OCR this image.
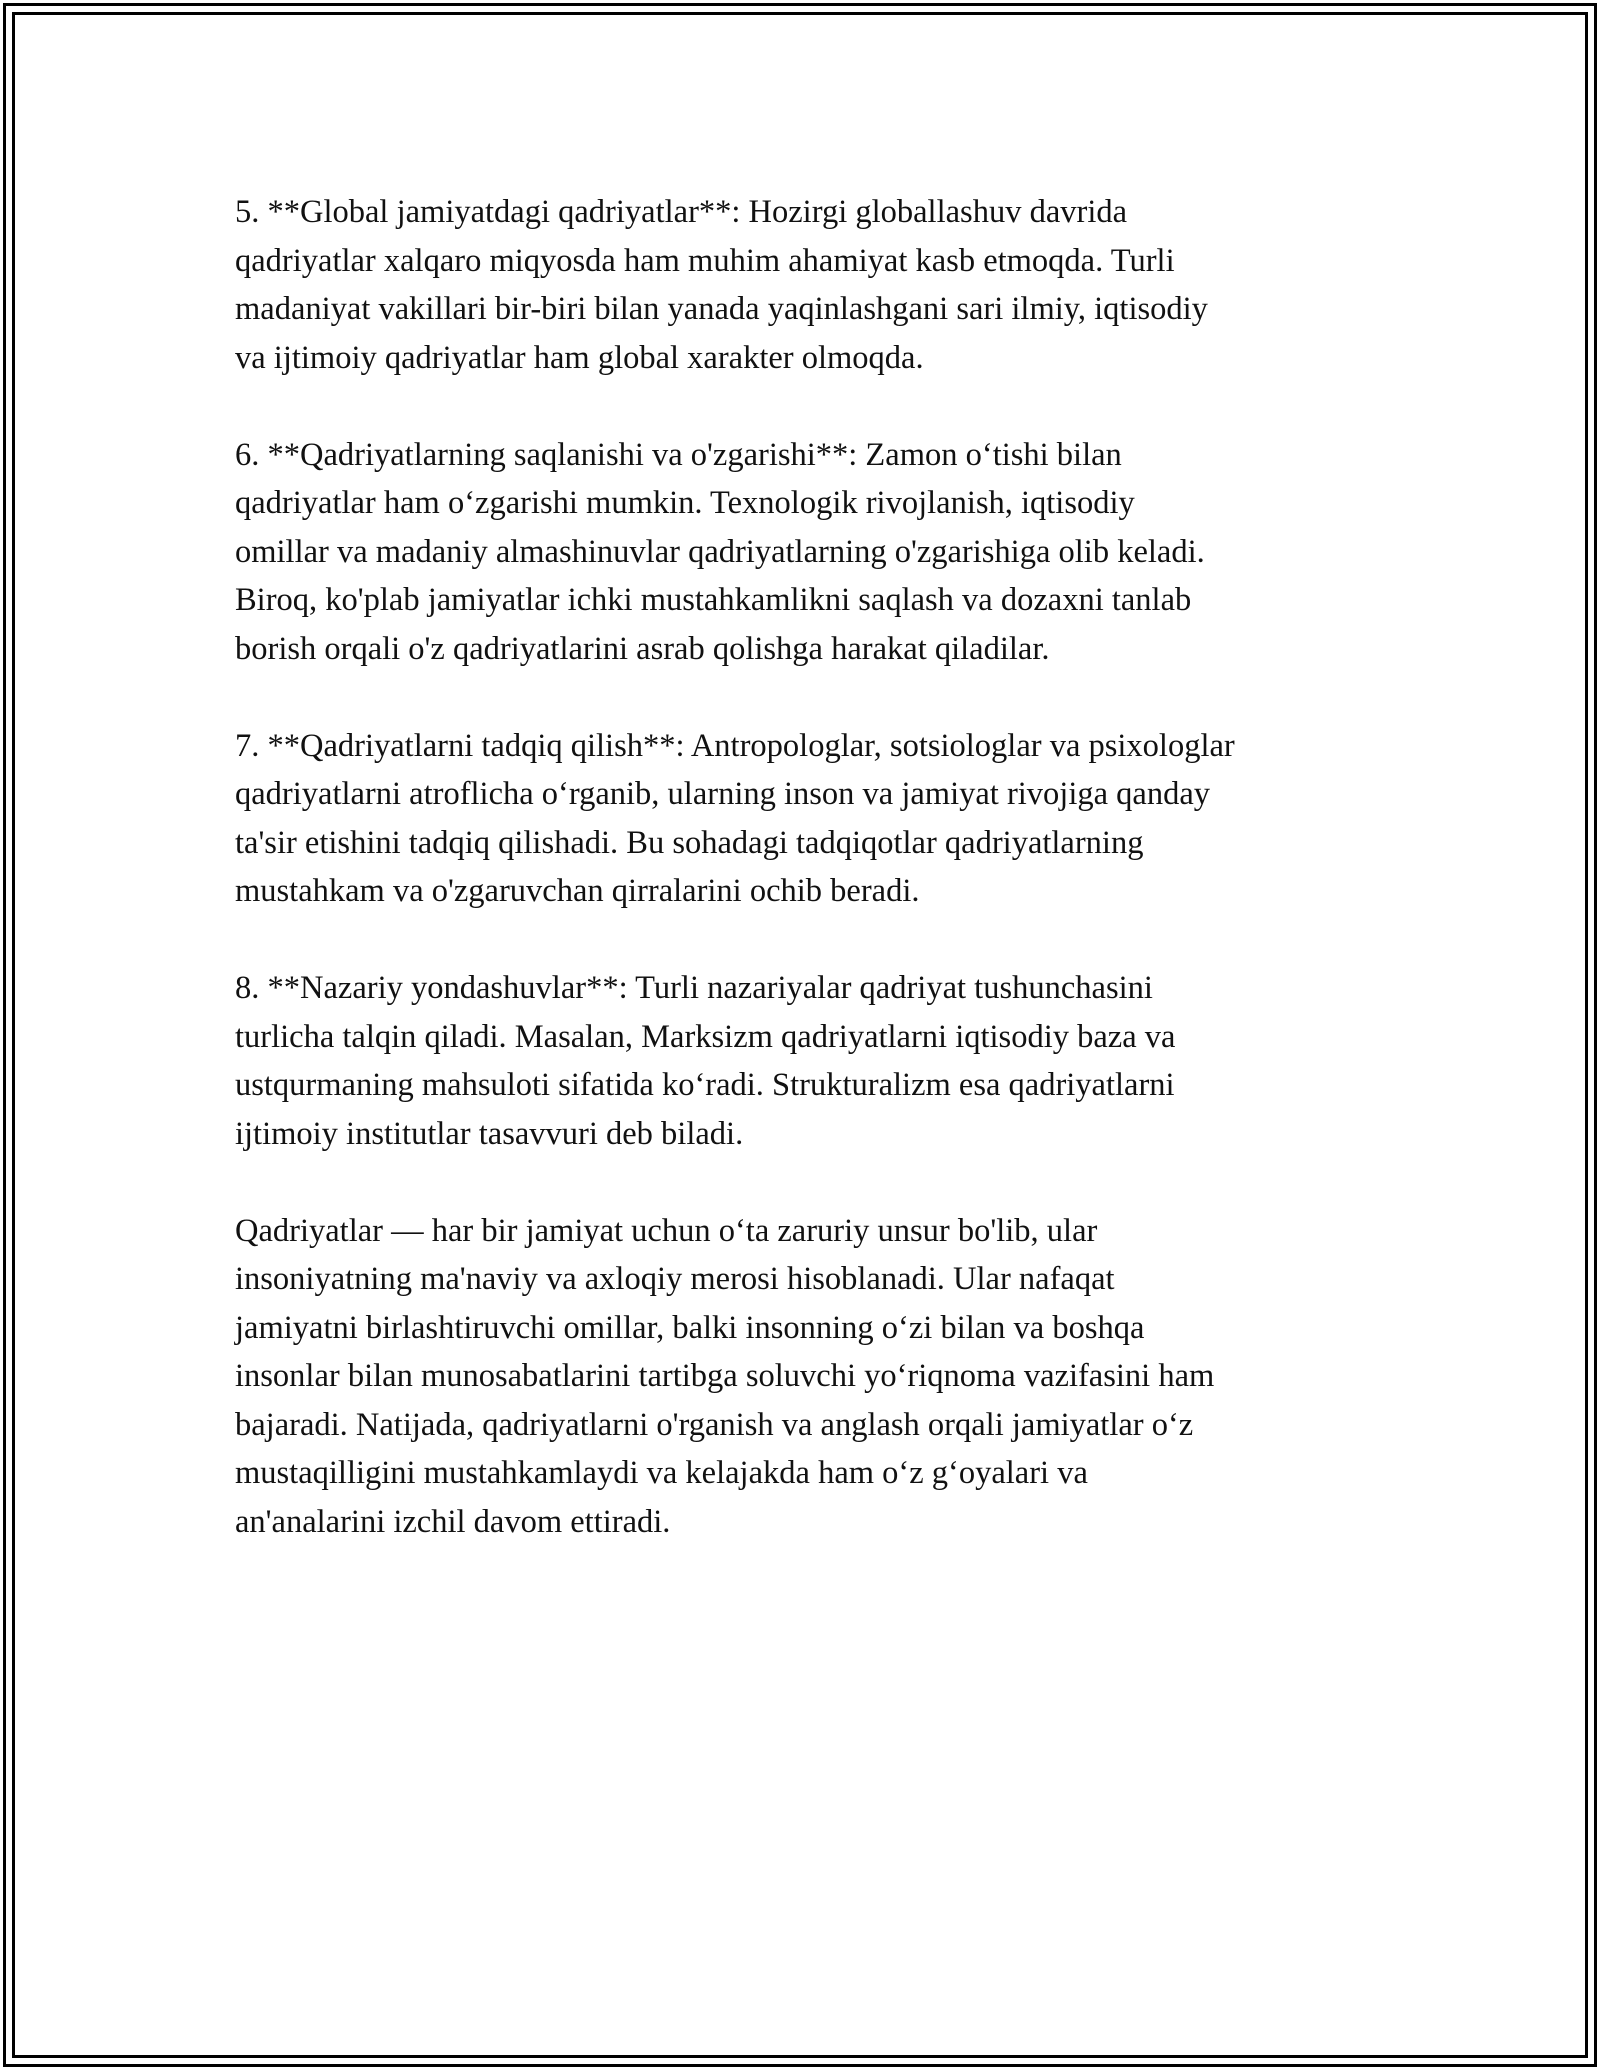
5. **Global jamiyatdagi qadriyatlar**: Hozirgi globallashuv davrida
qadriyatlar xalqaro miqyosda ham muhim ahamiyat kasb etmoqda. Turli
madaniyat vakillari bir-biri bilan yanada yaqinlashgani sari ilmiy, iqtisodiy
va ijtimoiy qadriyatlar ham global xarakter olmoqda.

6. **Qadriyatlarning saqlanishi va o'zgarishi**: Zamon o‘tishi bilan
qadriyatlar ham o‘zgarishi mumkin. Texnologik rivojlanish, iqtisodiy
omillar va madaniy almashinuvlar qadriyatlarning o'zgarishiga olib keladi.
Biroq, ko'plab jamiyatlar ichki mustahkamlikni saqlash va dozaxni tanlab
borish orqali o'z qadriyatlarini asrab qolishga harakat qiladilar.

7. **Qadriyatlarni tadqiq qilish**: Antropologlar, sotsiologlar va psixologlar
qadriyatlarni atroflicha o‘rganib, ularning inson va jamiyat rivojiga qanday
ta'sir etishini tadqiq qilishadi. Bu sohadagi tadqiqotlar qadriyatlarning
mustahkam va o'zgaruvchan qirralarini ochib beradi.

8. **Nazariy yondashuvlar**: Turli nazariyalar qadriyat tushunchasini
turlicha talqin qiladi. Masalan, Marksizm qadriyatlarni iqtisodiy baza va
ustqurmaning mahsuloti sifatida ko‘radi. Strukturalizm esa qadriyatlarni
ijtimoiy institutlar tasavvuri deb biladi.

Qadriyatlar — har bir jamiyat uchun o‘ta zaruriy unsur bo'lib, ular
insoniyatning ma'naviy va axloqiy merosi hisoblanadi. Ular nafaqat
jamiyatni birlashtiruvchi omillar, balki insonning o‘zi bilan va boshqa
insonlar bilan munosabatlarini tartibga soluvchi yo‘riqnoma vazifasini ham
bajaradi. Natijada, qadriyatlarni o'rganish va anglash orqali jamiyatlar o‘z
mustaqilligini mustahkamlaydi va kelajakda ham o‘z g‘oyalari va
an'analarini izchil davom ettiradi.
